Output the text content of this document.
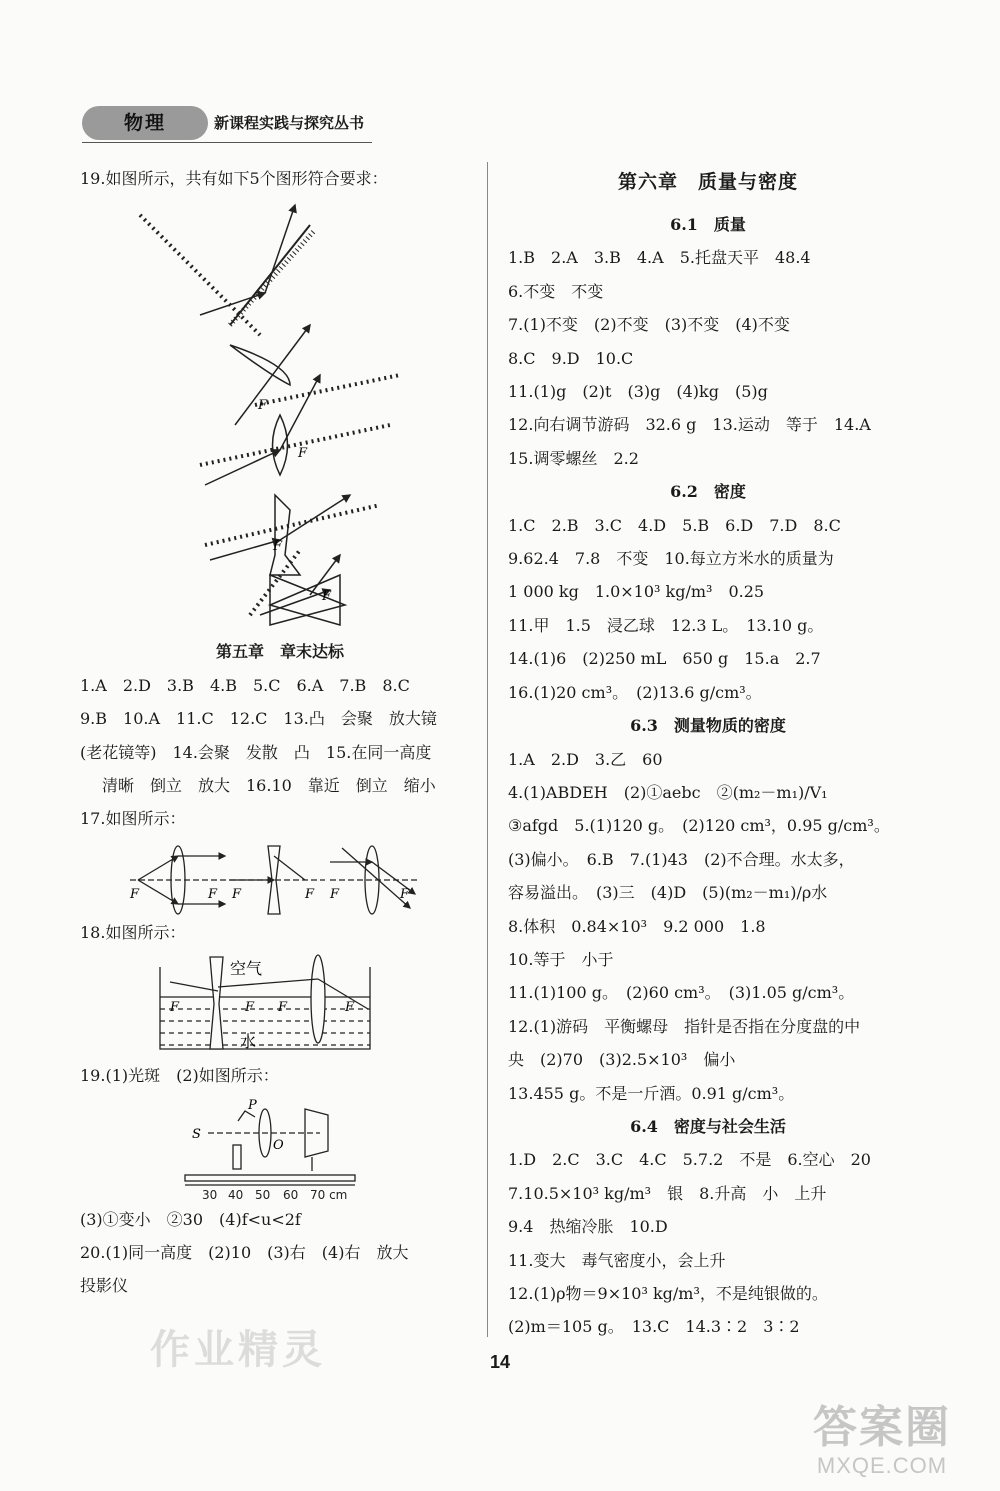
物理	新课程实践与探究丛书
19.如图所示，共有如下5个图形符合要求：
F
F
F
F
第五章　章末达标
1.A　2.D　3.B　4.B　5.C　6.A　7.B　8.C
9.B　10.A　11.C　12.C　13.凸　会聚　放大镜
(老花镜等)　14.会聚　发散　凸　15.在同一高度
清晰　倒立　放大　16.10　靠近　倒立　缩小
17.如图所示：
F	F F	F F	F
18.如图所示：
空气
水
F	F F	F
19.(1)光斑　(2)如图所示：
S
P
O
30 40 50 60 70 cm
(3)①变小　②30　(4)f<u<2f
20.(1)同一高度　(2)10　(3)右　(4)右　放大
投影仪
第六章　质量与密度
6.1　质量
1.B　2.A　3.B　4.A　5.托盘天平　48.4
6.不变　不变
7.(1)不变　(2)不变　(3)不变　(4)不变
8.C　9.D　10.C
11.(1)g　(2)t　(3)g　(4)kg　(5)g
12.向右调节游码　32.6 g　13.运动　等于　14.A
15.调零螺丝　2.2
6.2　密度
1.C　2.B　3.C　4.D　5.B　6.D　7.D　8.C
9.62.4　7.8　不变　10.每立方米水的质量为
1 000 kg　1.0×10³ kg/m³　0.25
11.甲　1.5　浸乙球　12.3 L。　13.10 g。
14.(1)6　(2)250 mL　650 g　15.a　2.7
16.(1)20 cm³。　(2)13.6 g/cm³。
6.3　测量物质的密度
1.A　2.D　3.乙　60
4.(1)ABDEH　(2)①aebc　②(m₂－m₁)/V₁
③afgd　5.(1)120 g。　(2)120 cm³，0.95 g/cm³。
(3)偏小。　6.B　7.(1)43　(2)不合理。水太多，
容易溢出。　(3)三　(4)D　(5)(m₂－m₁)/ρ水
8.体积　0.84×10³　9.2 000　1.8
10.等于　小于
11.(1)100 g。　(2)60 cm³。　(3)1.05 g/cm³。
12.(1)游码　平衡螺母　指针是否指在分度盘的中
央　(2)70　(3)2.5×10³　偏小
13.455 g。不是一斤酒。0.91 g/cm³。
6.4　密度与社会生活
1.D　2.C　3.C　4.C　5.7.2　不是　6.空心　20
7.10.5×10³ kg/m³　银　8.升高　小　上升
9.4　热缩冷胀　10.D
11.变大　毒气密度小，会上升
12.(1)ρ物＝9×10³ kg/m³，不是纯银做的。
(2)m＝105 g。　13.C　14.3∶2　3∶2
作业精灵	14
答案圈
MXQE.COM
